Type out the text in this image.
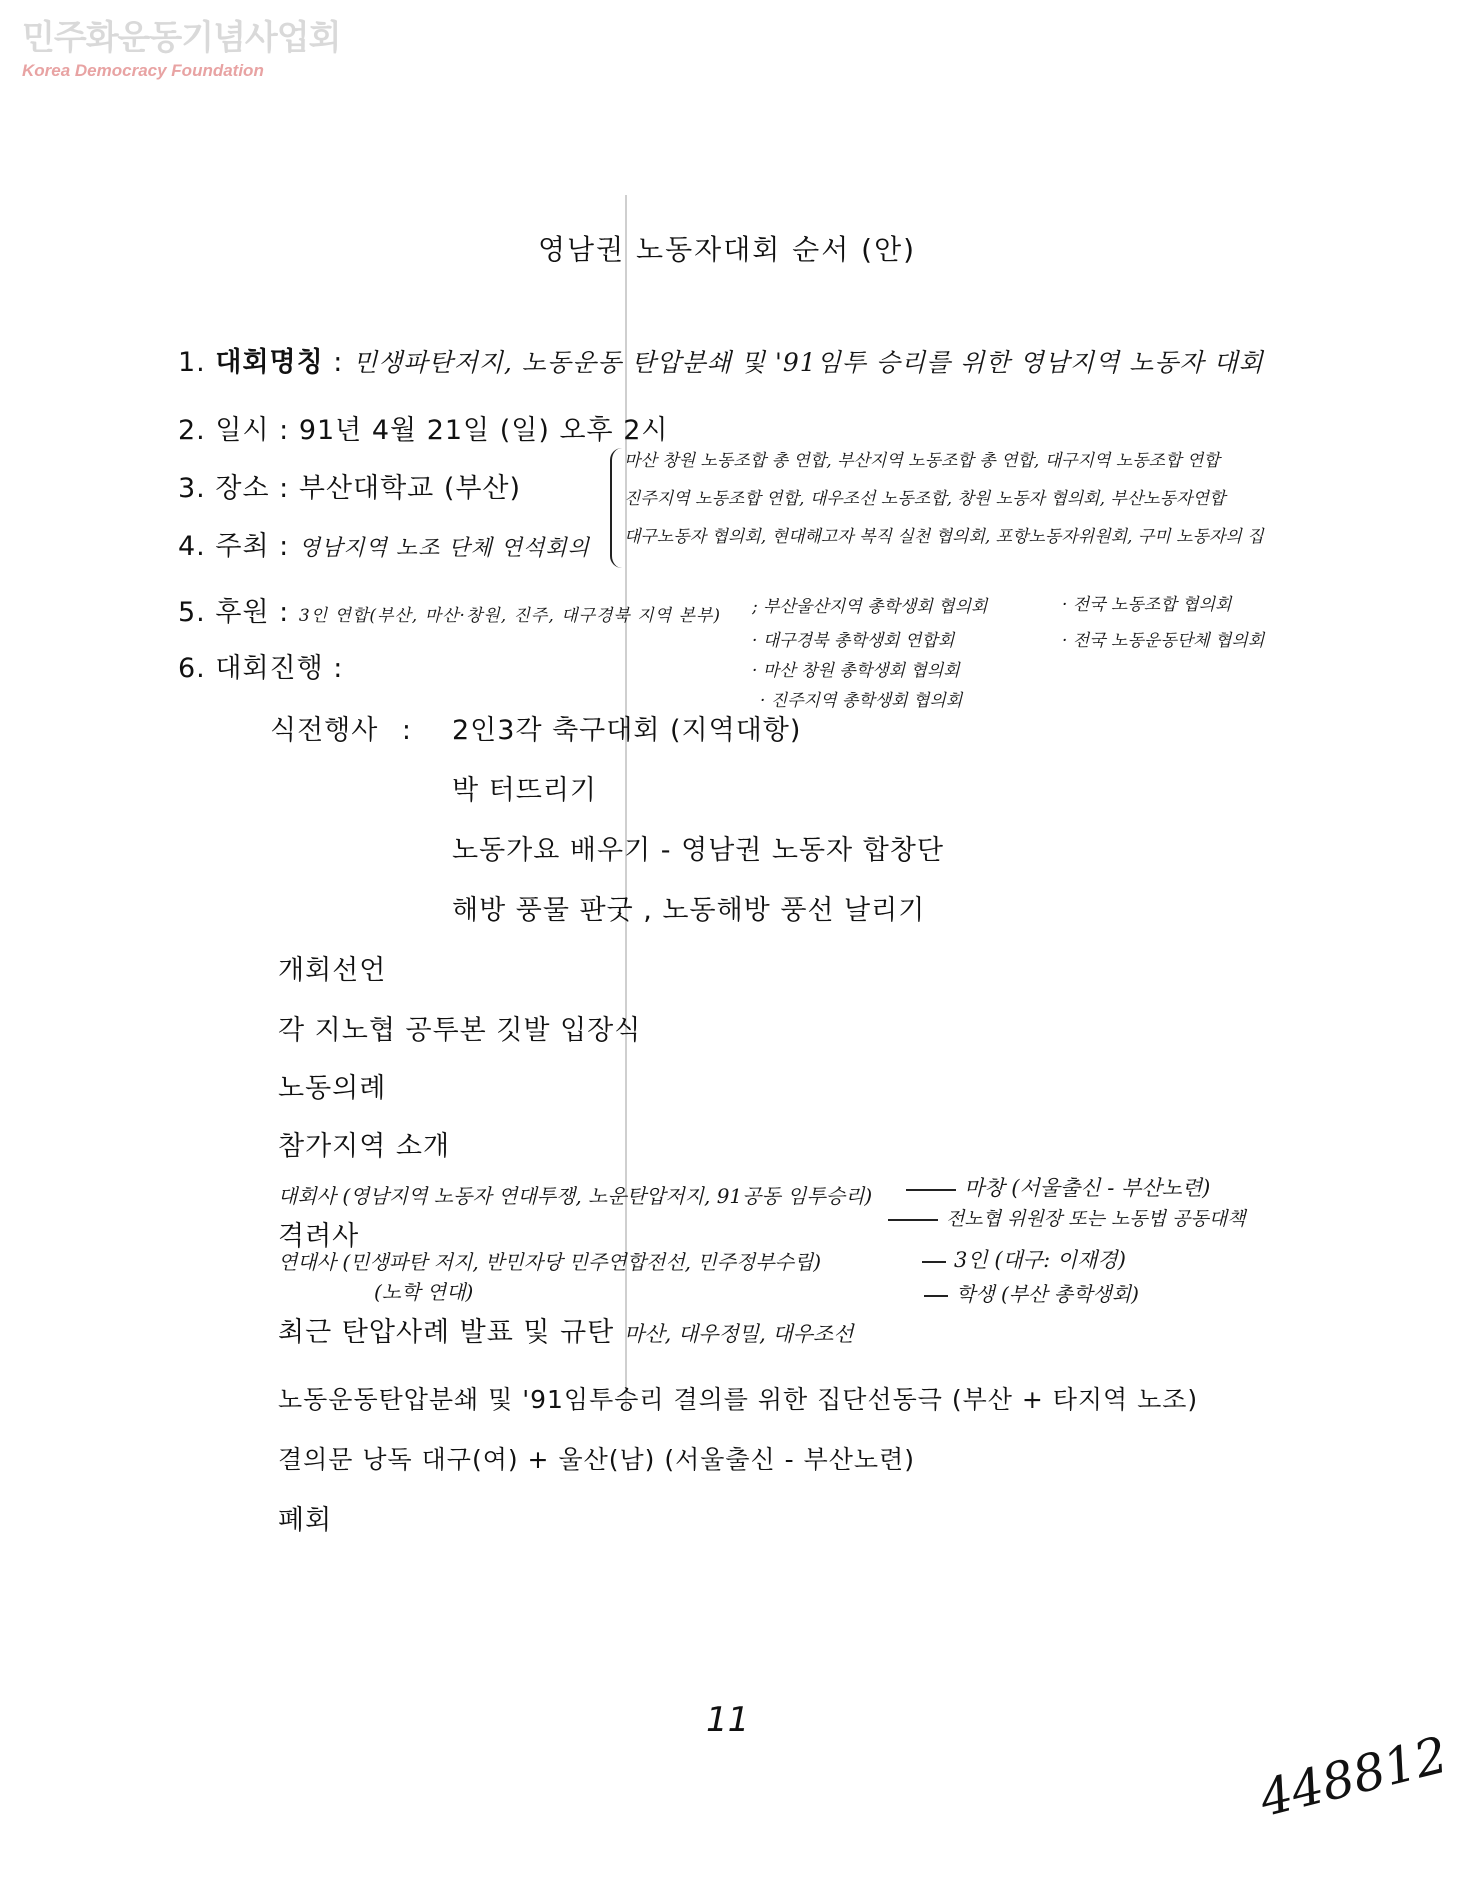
민주화운동기념사업회
Korea Democracy Foundation
영남권 노동자대회 순서 (안)
1. 대회명칭 : 민생파탄저지, 노동운동 탄압분쇄 및 '91임투 승리를 위한 영남지역 노동자 대회
2. 일시 : 91년 4월 21일 (일) 오후 2시
3. 장소 : 부산대학교 (부산)
4. 주최 : 영남지역 노조 단체 연석회의
마산 창원 노동조합 총 연합, 부산지역 노동조합 총 연합, 대구지역 노동조합 연합
진주지역 노동조합 연합, 대우조선 노동조합, 창원 노동자 협의회, 부산노동자연합
대구노동자 협의회, 현대해고자 복직 실천 협의회, 포항노동자위원회, 구미 노동자의 집
5. 후원 : 3인 연합(부산, 마산·창원, 진주, 대구경북 지역 본부) ; 부산울산지역 총학생회 협의회
· 대구경북 총학생회 연합회
· 마산 창원 총학생회 협의회
· 진주지역 총학생회 협의회
· 전국 노동조합 협의회
· 전국 노동운동단체 협의회
6. 대회진행 :
식전행사 : 2인3각 축구대회 (지역대항)
박 터뜨리기
노동가요 배우기 - 영남권 노동자 합창단
해방 풍물 판굿 , 노동해방 풍선 날리기
개회선언
각 지노협 공투본 깃발 입장식
노동의례
참가지역 소개
대회사 (영남지역 노동자 연대투쟁, 노운탄압저지, 91공동 임투승리)	마창 (서울출신 - 부산노련)
격려사
전노협 위원장 또는 노동법 공동대책
연대사 (민생파탄 저지, 반민자당 민주연합전선, 민주정부수립)	3인 (대구: 이재경)
(노학 연대)	학생 (부산 총학생회)
최근 탄압사례 발표 및 규탄 마산, 대우정밀, 대우조선
노동운동탄압분쇄 및 '91임투승리 결의를 위한 집단선동극 (부산 + 타지역 노조)
결의문 낭독 대구(여) + 울산(남) (서울출신 - 부산노련)
폐회
11
448812
